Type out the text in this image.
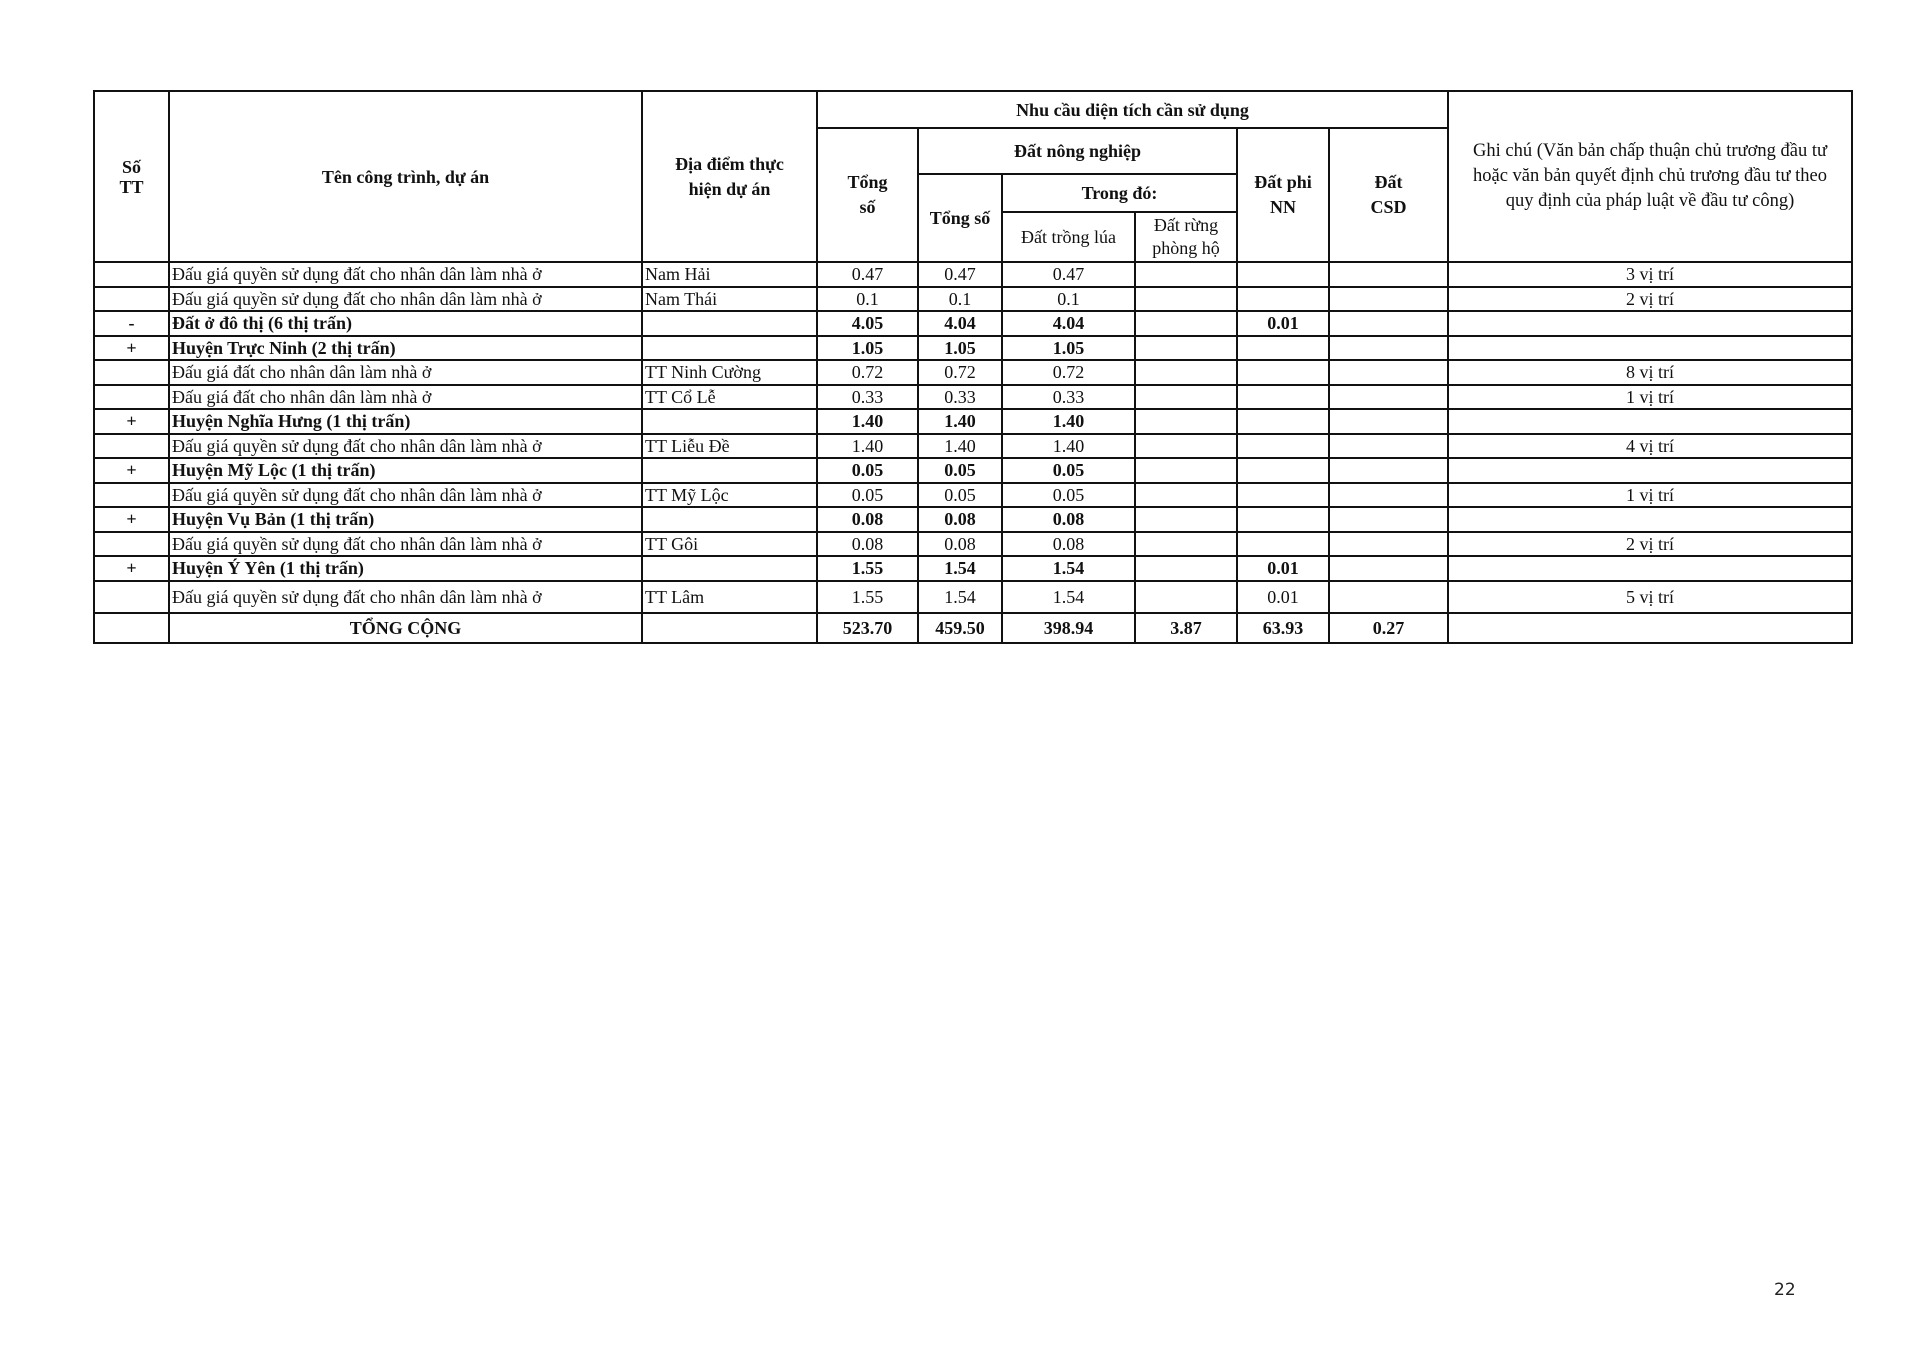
Số TT	Tên công trình, dự án	Địa điểm thực hiện dự án	Nhu cầu diện tích cần sử dụng						Ghi chú (Văn bản chấp thuận chủ trương đầu tư hoặc văn bản quyết định chủ trương đầu tư theo quy định của pháp luật về đầu tư công)
			Tổng số	Đất nông nghiệp			Đất phi NN	Đất CSD	
				Tổng số	Trong đó:				
					Đất trồng lúa	Đất rừng phòng hộ			
	Đấu giá quyền sử dụng đất cho nhân dân làm nhà ở	Nam Hải	0.47	0.47	0.47				3 vị trí
	Đấu giá quyền sử dụng đất cho nhân dân làm nhà ở	Nam Thái	0.1	0.1	0.1				2 vị trí
-	Đất ở đô thị (6 thị trấn)		4.05	4.04	4.04		0.01		
+	Huyện Trực Ninh (2 thị trấn)		1.05	1.05	1.05				
	Đấu giá đất cho nhân dân làm nhà ở	TT Ninh Cường	0.72	0.72	0.72				8 vị trí
	Đấu giá đất cho nhân dân làm nhà ở	TT Cổ Lễ	0.33	0.33	0.33				1 vị trí
+	Huyện Nghĩa Hưng (1 thị trấn)		1.40	1.40	1.40				
	Đấu giá quyền sử dụng đất cho nhân dân làm nhà ở	TT Liễu Đề	1.40	1.40	1.40				4 vị trí
+	Huyện Mỹ Lộc (1 thị trấn)		0.05	0.05	0.05				
	Đấu giá quyền sử dụng đất cho nhân dân làm nhà ở	TT Mỹ Lộc	0.05	0.05	0.05				1 vị trí
+	Huyện Vụ Bản (1 thị trấn)		0.08	0.08	0.08				
	Đấu giá quyền sử dụng đất cho nhân dân làm nhà ở	TT Gôi	0.08	0.08	0.08				2 vị trí
+	Huyện Ý Yên (1 thị trấn)		1.55	1.54	1.54		0.01		
	Đấu giá quyền sử dụng đất cho nhân dân làm nhà ở	TT Lâm	1.55	1.54	1.54		0.01		5 vị trí
	TỔNG CỘNG		523.70	459.50	398.94	3.87	63.93	0.27	
22
